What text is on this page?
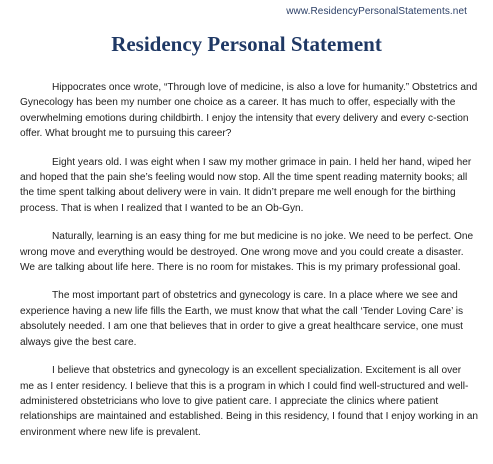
www.ResidencyPersonalStatements.net
Residency Personal Statement

Hippocrates once wrote, “Through love of medicine, is also a love for humanity.” Obstetrics and Gynecology has been my number one choice as a career. It has much to offer, especially with the overwhelming emotions during childbirth. I enjoy the intensity that every delivery and every c-section offer. What brought me to pursuing this career?

Eight years old. I was eight when I saw my mother grimace in pain. I held her hand, wiped her and hoped that the pain she’s feeling would now stop. All the time spent reading maternity books; all the time spent talking about delivery were in vain. It didn’t prepare me well enough for the birthing process. That is when I realized that I wanted to be an Ob-Gyn.

Naturally, learning is an easy thing for me but medicine is no joke. We need to be perfect. One wrong move and everything would be destroyed. One wrong move and you could create a disaster. We are talking about life here. There is no room for mistakes. This is my primary professional goal.

The most important part of obstetrics and gynecology is care. In a place where we see and experience having a new life fills the Earth, we must know that what the call ‘Tender Loving Care’ is absolutely needed. I am one that believes that in order to give a great healthcare service, one must always give the best care.

I believe that obstetrics and gynecology is an excellent specialization. Excitement is all over me as I enter residency. I believe that this is a program in which I could find well-structured and well-administered obstetricians who love to give patient care. I appreciate the clinics where patient relationships are maintained and established. Being in this residency, I found that I enjoy working in an environment where new life is prevalent.
